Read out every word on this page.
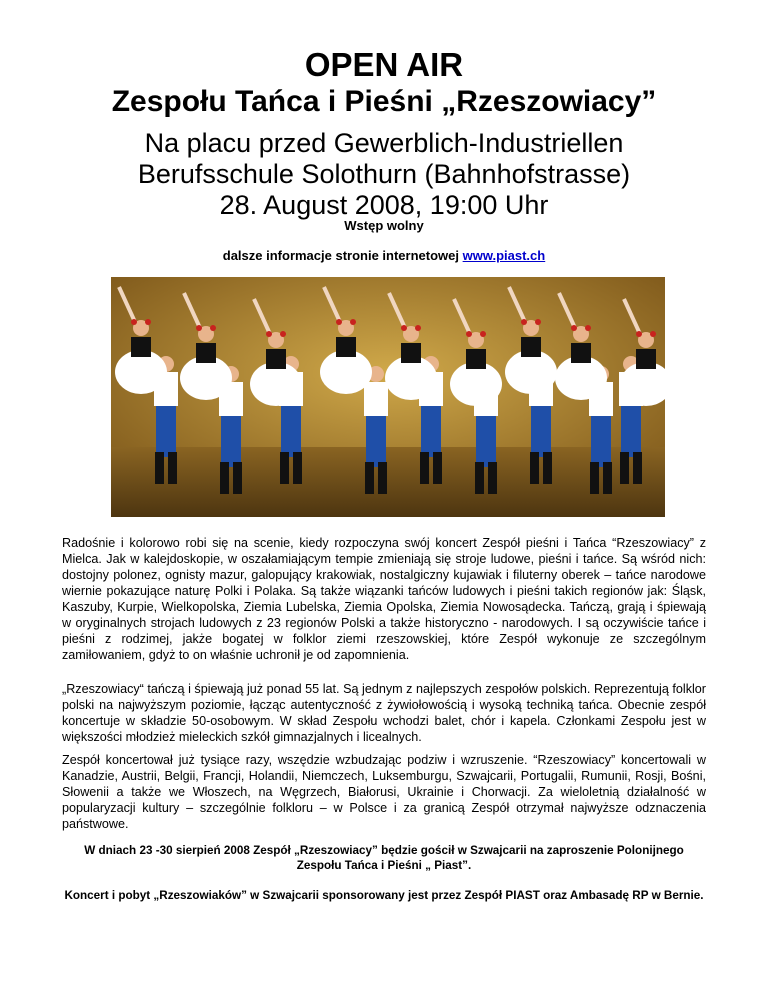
OPEN AIR
Zespołu Tańca i Pieśni „Rzeszowiacy”
Na placu przed Gewerblich-Industriellen
Berufsschule Solothurn (Bahnhofstrasse)
28. August 2008, 19:00 Uhr
Wstęp wolny
dalsze informacje stronie internetowej www.piast.ch
Radośnie i kolorowo robi się na scenie, kiedy rozpoczyna swój koncert Zespół pieśni i Tańca “Rzeszowiacy” z Mielca. Jak w kalejdoskopie, w oszałamiającym tempie zmieniają się stroje ludowe, pieśni i tańce. Są wśród nich: dostojny polonez, ognisty mazur, galopujący krakowiak, nostalgiczny kujawiak i filuterny oberek – tańce narodowe wiernie pokazujące naturę Polki i Polaka. Są także wiązanki tańców ludowych i pieśni takich regionów jak: Śląsk, Kaszuby, Kurpie, Wielkopolska, Ziemia Lubelska, Ziemia Opolska, Ziemia Nowosądecka. Tańczą, grają i śpiewają w oryginalnych strojach ludowych z 23 regionów Polski a także historyczno - narodowych. I są oczywiście tańce i pieśni z rodzimej, jakże bogatej w folklor ziemi rzeszowskiej, które Zespół wykonuje ze szczególnym zamiłowaniem, gdyż to on właśnie uchronił je od zapomnienia.
„Rzeszowiacy“ tańczą i śpiewają już ponad 55 lat. Są jednym z najlepszych zespołów polskich. Reprezentują folklor polski na najwyższym poziomie, łącząc autentyczność z żywiołowością i wysoką techniką tańca. Obecnie zespół koncertuje w składzie 50-osobowym. W skład Zespołu wchodzi balet, chór i kapela. Członkami Zespołu jest w większości młodzież mieleckich szkół gimnazjalnych i licealnych.
Zespół koncertował już tysiące razy, wszędzie wzbudzając podziw i wzruszenie. “Rzeszowiacy” koncertowali w Kanadzie, Austrii, Belgii, Francji, Holandii, Niemczech, Luksemburgu, Szwajcarii, Portugalii, Rumunii, Rosji, Bośni, Słowenii a także we Włoszech, na Węgrzech, Białorusi, Ukrainie i Chorwacji. Za wieloletnią działalność w popularyzacji kultury – szczególnie folkloru – w Polsce i za granicą Zespół otrzymał najwyższe odznaczenia państwowe.
W dniach 23 -30 sierpień 2008 Zespół „Rzeszowiacy” będzie gościł w Szwajcarii na zaproszenie Polonijnego Zespołu Tańca i Pieśni „ Piast”.
Koncert i pobyt „Rzeszowiaków” w Szwajcarii sponsorowany jest przez Zespół PIAST oraz Ambasadę RP w Bernie.
